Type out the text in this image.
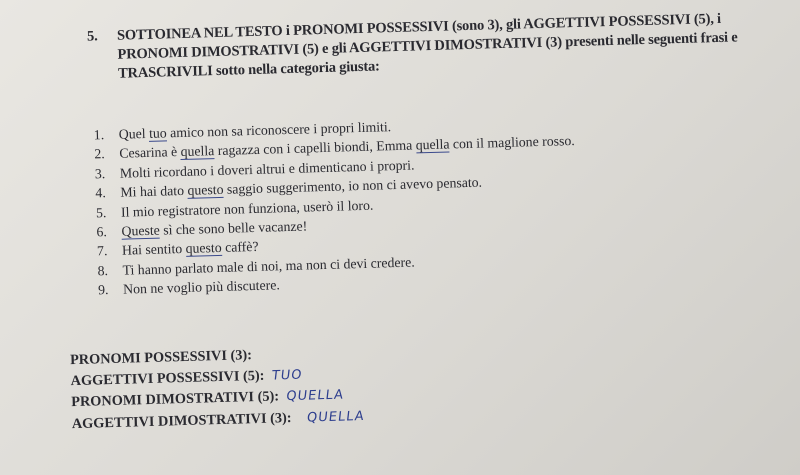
5. SOTTOINEA NEL TESTO i PRONOMI POSSESSIVI (sono 3), gli AGGETTIVI POSSESSIVI (5), i PRONOMI DIMOSTRATIVI (5) e gli AGGETTIVI DIMOSTRATIVI (3) presenti nelle seguenti frasi e TRASCRIVILI sotto nella categoria giusta:
1.	Quel tuo amico non sa riconoscere i propri limiti.
2.	Cesarina è quella ragazza con i capelli biondi, Emma quella con il maglione rosso.
3.	Molti ricordano i doveri altrui e dimenticano i propri.
4.	Mi hai dato questo saggio suggerimento, io non ci avevo pensato.
5.	Il mio registratore non funziona, userò il loro.
6.	Queste sì che sono belle vacanze!
7.	Hai sentito questo caffè?
8.	Ti hanno parlato male di noi, ma non ci devi credere.
9.	Non ne voglio più discutere.
PRONOMI POSSESSIVI (3):
AGGETTIVI POSSESSIVI (5): TUO
PRONOMI DIMOSTRATIVI (5): QUELLA
AGGETTIVI DIMOSTRATIVI (3): QUELLA
